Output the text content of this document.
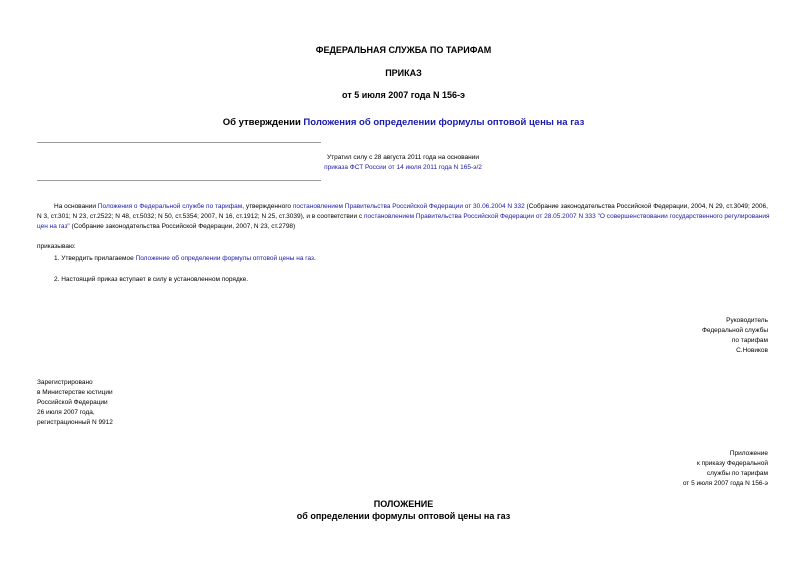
ФЕДЕРАЛЬНАЯ СЛУЖБА ПО ТАРИФАМ
ПРИКАЗ
от 5 июля 2007 года N 156-э
Об утверждении Положения об определении формулы оптовой цены на газ
Утратил силу с 28 августа 2011 года на основании
приказа ФСТ России от 14 июля 2011 года N 165-э/2
На основании Положения о Федеральной службе по тарифам, утвержденного постановлением Правительства Российской Федерации от 30.06.2004 N 332 (Собрание законодательства Российской Федерации, 2004, N 29, ст.3049; 2006, N 3, ст.301; N 23, ст.2522; N 48, ст.5032; N 50, ст.5354; 2007, N 16, ст.1912; N 25, ст.3039), и в соответствии с постановлением Правительства Российской Федерации от 28.05.2007 N 333 "О совершенствовании государственного регулирования цен на газ" (Собрание законодательства Российской Федерации, 2007, N 23, ст.2798)
приказываю:
1. Утвердить прилагаемое Положение об определении формулы оптовой цены на газ.
2. Настоящий приказ вступает в силу в установленном порядке.
Руководитель
Федеральной службы
по тарифам
С.Новиков
Зарегистрировано
в Министерстве юстиции
Российской Федерации
26 июля 2007 года,
регистрационный N 9912
Приложение
к приказу Федеральной
службы по тарифам
от 5 июля 2007 года N 156-э
ПОЛОЖЕНИЕ
об определении формулы оптовой цены на газ
